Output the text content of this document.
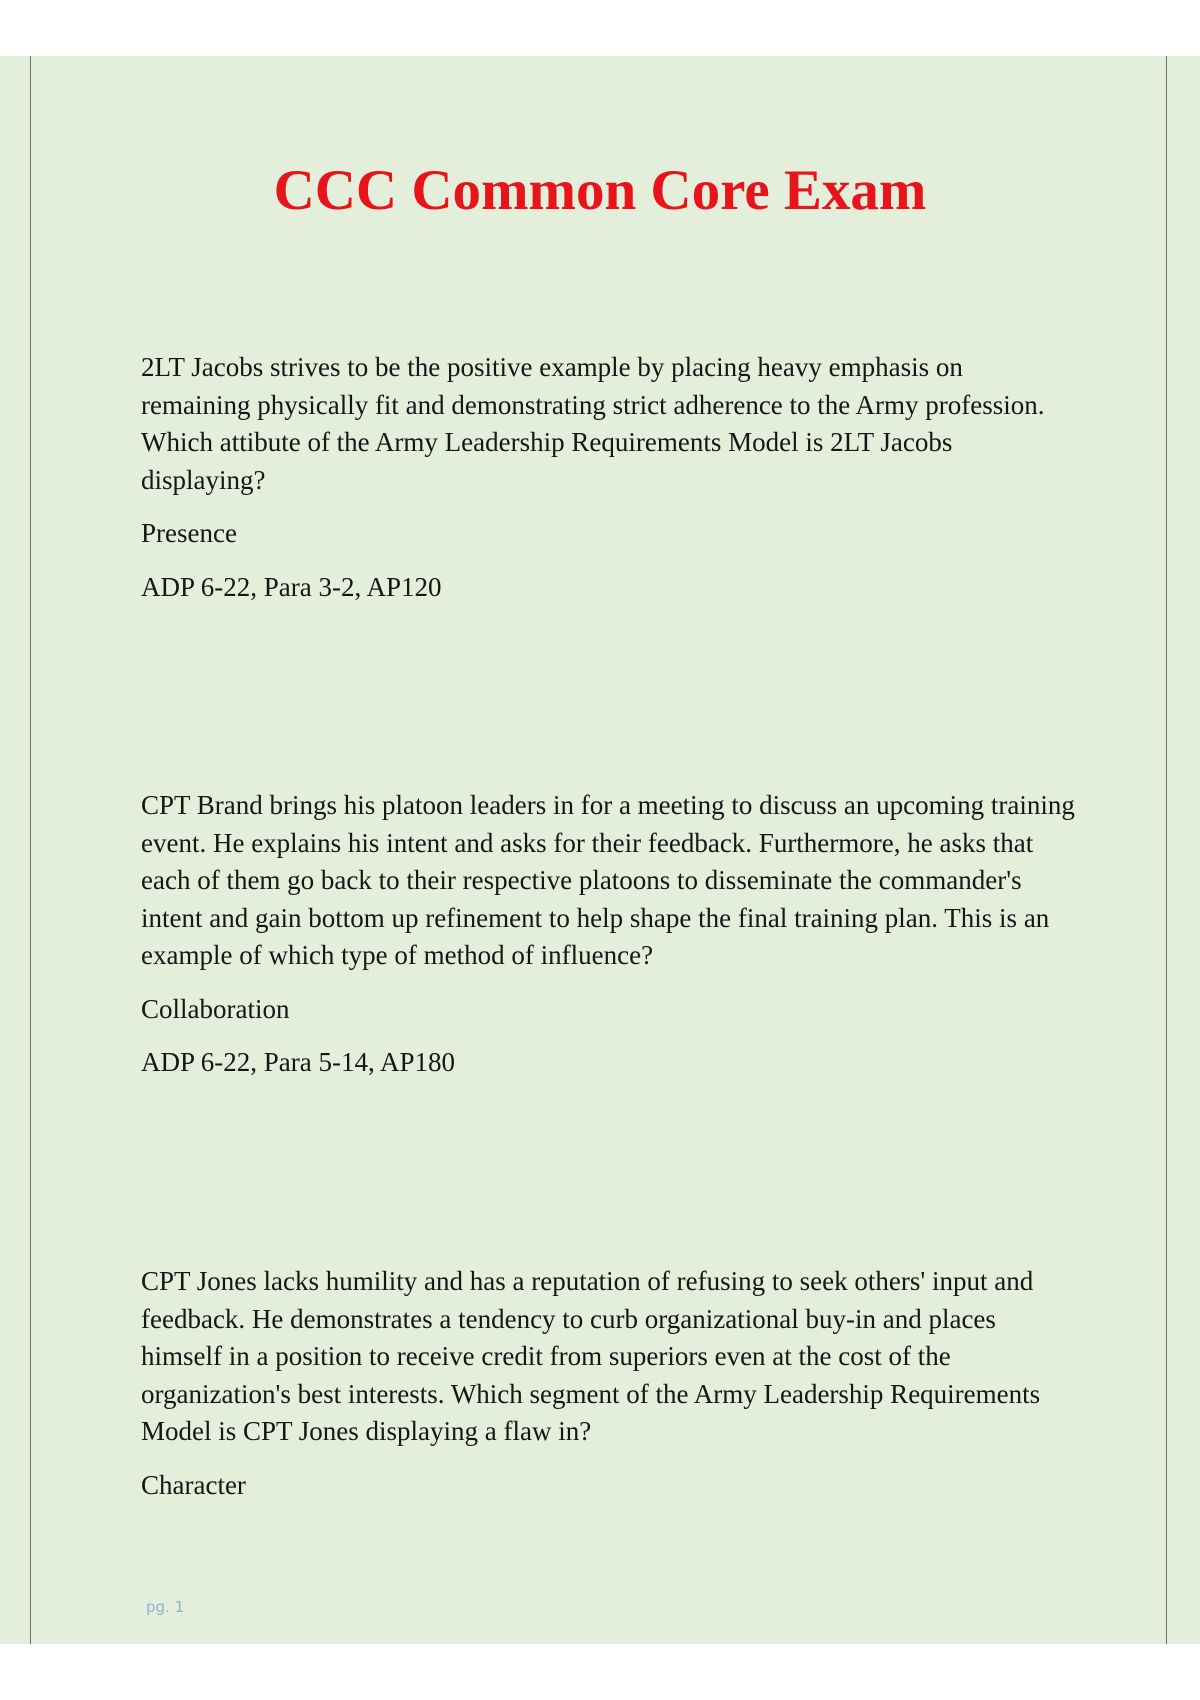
CCC Common Core Exam

2LT Jacobs strives to be the positive example by placing heavy emphasis on remaining physically fit and demonstrating strict adherence to the Army profession. Which attibute of the Army Leadership Requirements Model is 2LT Jacobs displaying?

Presence

ADP 6-22, Para 3-2, AP120

CPT Brand brings his platoon leaders in for a meeting to discuss an upcoming training event. He explains his intent and asks for their feedback. Furthermore, he asks that each of them go back to their respective platoons to disseminate the commander's intent and gain bottom up refinement to help shape the final training plan. This is an example of which type of method of influence?

Collaboration

ADP 6-22, Para 5-14, AP180

CPT Jones lacks humility and has a reputation of refusing to seek others' input and feedback. He demonstrates a tendency to curb organizational buy-in and places himself in a position to receive credit from superiors even at the cost of the organization's best interests. Which segment of the Army Leadership Requirements Model is CPT Jones displaying a flaw in?

Character

pg. 1
